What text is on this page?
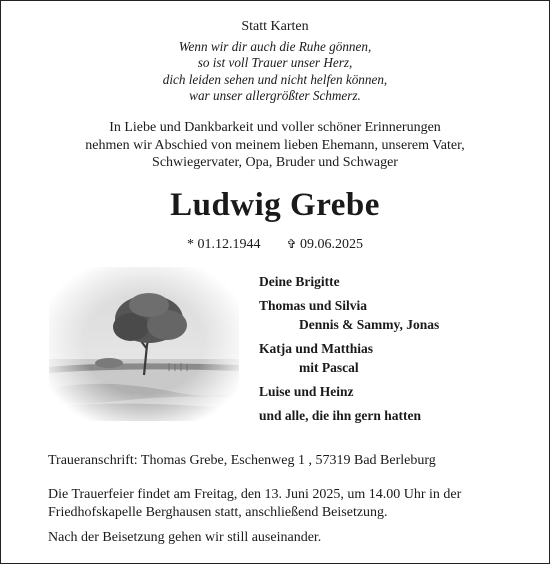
Statt Karten
Wenn wir dir auch die Ruhe gönnen,
so ist voll Trauer unser Herz,
dich leiden sehen und nicht helfen können,
war unser allergrößter Schmerz.
In Liebe und Dankbarkeit und voller schöner Erinnerungen
nehmen wir Abschied von meinem lieben Ehemann, unserem Vater,
Schwiegervater, Opa, Bruder und Schwager
Ludwig Grebe
* 01.12.1944 ✞ 09.06.2025
Deine Brigitte
Thomas und Silvia
Dennis & Sammy, Jonas
Katja und Matthias
mit Pascal
Luise und Heinz
und alle, die ihn gern hatten
Traueranschrift: Thomas Grebe, Eschenweg 1 , 57319 Bad Berleburg
Die Trauerfeier findet am Freitag, den 13. Juni 2025, um 14.00 Uhr in der
Friedhofskapelle Berghausen statt, anschließend Beisetzung.
Nach der Beisetzung gehen wir still auseinander.
